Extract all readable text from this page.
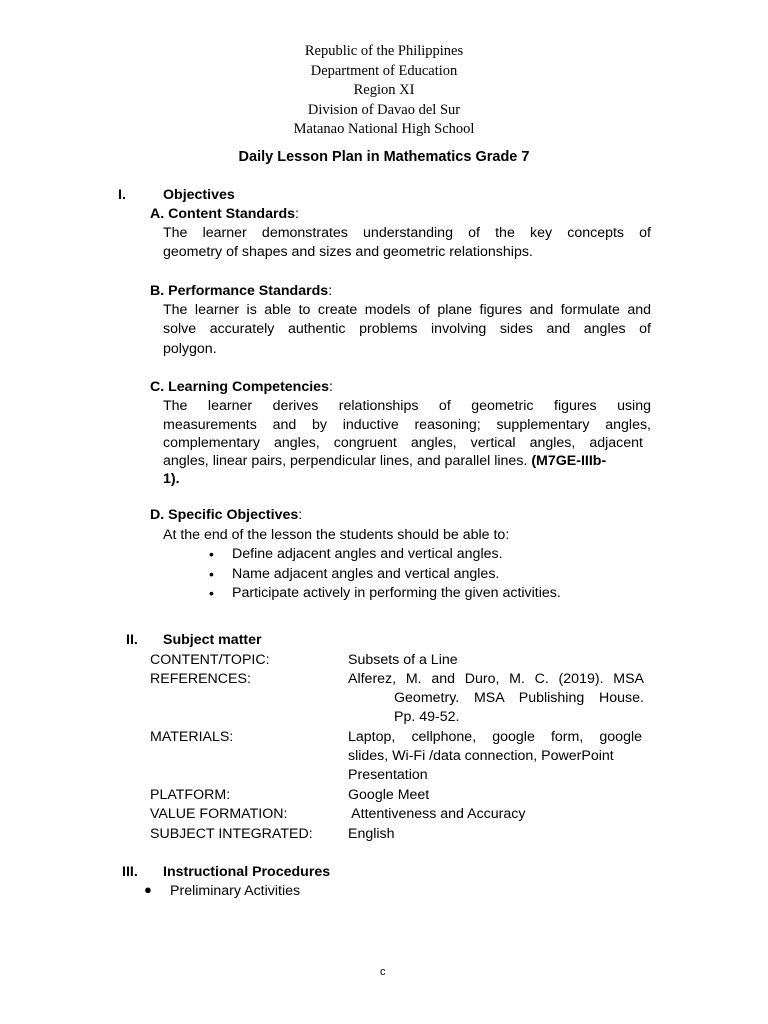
Republic of the Philippines
Department of Education
Region XI
Division of Davao del Sur
Matanao National High School
Daily Lesson Plan in Mathematics Grade 7
I.	Objectives
A. Content Standards:
The learner demonstrates understanding of the key concepts of
geometry of shapes and sizes and geometric relationships.
B. Performance Standards:
The learner is able to create models of plane figures and formulate and
solve accurately authentic problems involving sides and angles of
polygon.
C. Learning Competencies:
The learner derives relationships of geometric figures using
measurements and by inductive reasoning; supplementary angles,
complementary angles, congruent angles, vertical angles, adjacent
angles, linear pairs, perpendicular lines, and parallel lines. (M7GE-IIIb-
1).
D. Specific Objectives:
At the end of the lesson the students should be able to:
• Define adjacent angles and vertical angles.
• Name adjacent angles and vertical angles.
• Participate actively in performing the given activities.
II. Subject matter
CONTENT/TOPIC:	Subsets of a Line
REFERENCES:	Alferez, M. and Duro, M. C. (2019). MSA
Geometry. MSA Publishing House.
Pp. 49-52.
MATERIALS:	Laptop, cellphone, google form, google
slides, Wi-Fi /data connection, PowerPoint
Presentation
PLATFORM:	Google Meet
VALUE FORMATION:	Attentiveness and Accuracy
SUBJECT INTEGRATED: English
III. Instructional Procedures
● Preliminary Activities
c
